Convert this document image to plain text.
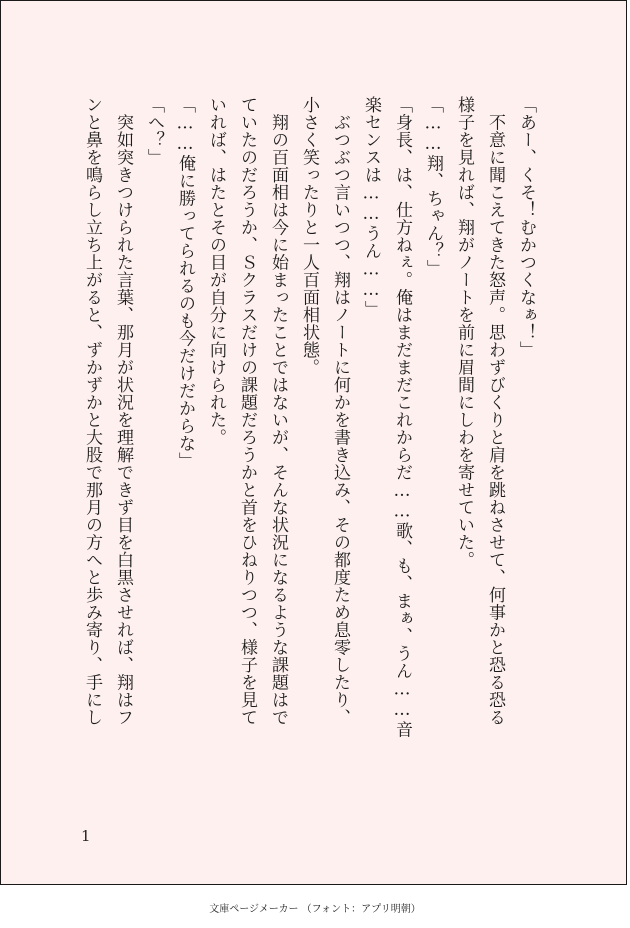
「あー、くそ！むかつくなぁ！」

　不意に聞こえてきた怒声。思わずびくりと肩を跳ねさせて、何事かと恐る恐る

様子を見れば、翔がノートを前に眉間にしわを寄せていた。

「……翔、ちゃん？」

「身長、は、仕方ねぇ。俺はまだまだこれからだ……歌、も、まぁ、うん……音

楽センスは……うん……」

　ぶつぶつ言いつつ、翔はノートに何かを書き込み、その都度ため息零したり、

小さく笑ったりと一人百面相状態。

　翔の百面相は今に始まったことではないが、そんな状況になるような課題はで

ていたのだろうか、Ｓクラスだけの課題だろうかと首をひねりつつ、様子を見て

いれば、はたとその目が自分に向けられた。

「……俺に勝ってられるのも今だけだからな」

「へ？」

　突如突きつけられた言葉、那月が状況を理解できず目を白黒させれば、翔はフ

ンと鼻を鳴らし立ち上がると、ずかずかと大股で那月の方へと歩み寄り、手にし

1
文庫ページメーカー （フォント：アプリ明朝）
